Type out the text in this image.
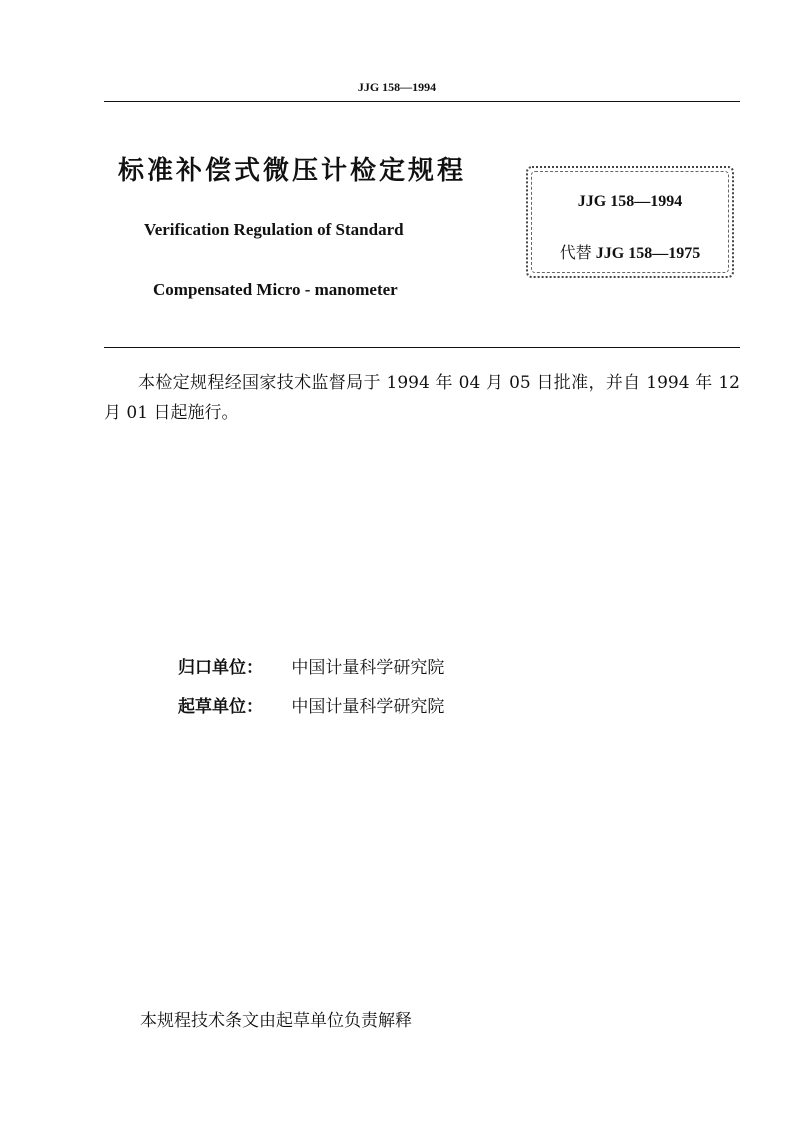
JJG 158—1994
标准补偿式微压计检定规程
Verification Regulation of Standard
Compensated Micro - manometer
JJG 158—1994
代替 JJG 158—1975
本检定规程经国家技术监督局于 1994 年 04 月 05 日批准，并自 1994 年 12 月 01 日起施行。
归口单位： 中国计量科学研究院
起草单位： 中国计量科学研究院
本规程技术条文由起草单位负责解释
